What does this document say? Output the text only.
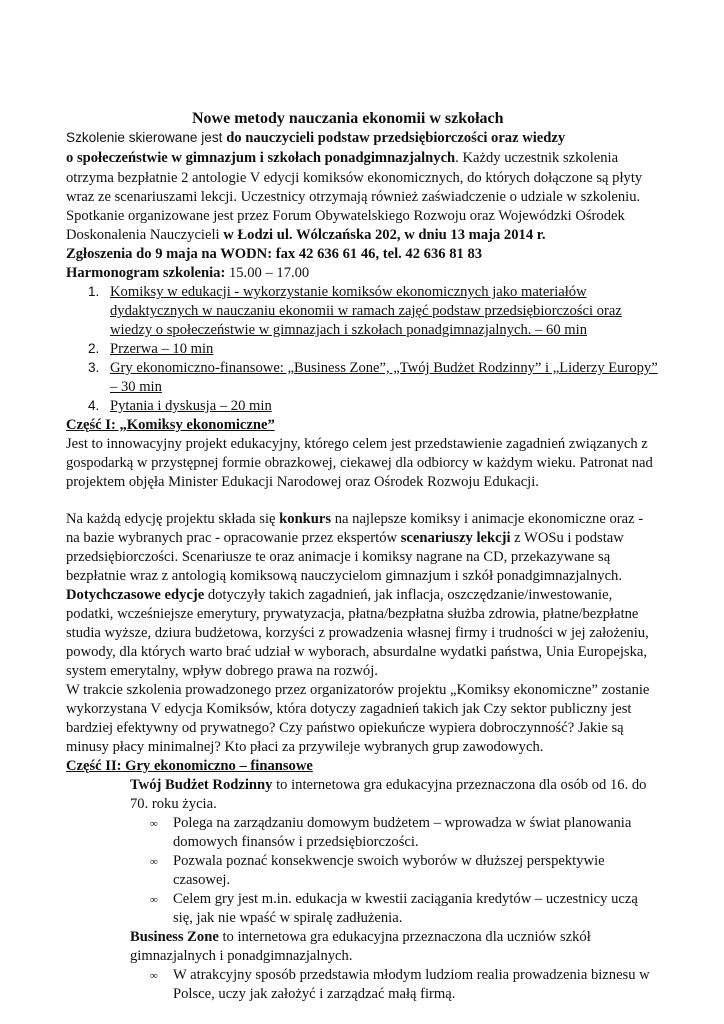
Nowe metody nauczania ekonomii w szkołach
Szkolenie skierowane jest do nauczycieli podstaw przedsiębiorczości oraz wiedzy
o społeczeństwie w gimnazjum i szkołach ponadgimnazjalnych. Każdy uczestnik szkolenia
otrzyma bezpłatnie 2 antologie V edycji komiksów ekonomicznych, do których dołączone są płyty
wraz ze scenariuszami lekcji. Uczestnicy otrzymają również zaświadczenie o udziale w szkoleniu.
Spotkanie organizowane jest przez Forum Obywatelskiego Rozwoju oraz Wojewódzki Ośrodek
Doskonalenia Nauczycieli w Łodzi ul. Wólczańska 202, w dniu 13 maja 2014 r.
Zgłoszenia do 9 maja na WODN: fax 42 636 61 46, tel. 42 636 81 83
Harmonogram szkolenia: 15.00 – 17.00
1. Komiksy w edukacji - wykorzystanie komiksów ekonomicznych jako materiałów
dydaktycznych w nauczaniu ekonomii w ramach zajęć podstaw przedsiębiorczości oraz
wiedzy o społeczeństwie w gimnazjach i szkołach ponadgimnazjalnych. – 60 min
2. Przerwa – 10 min
3. Gry ekonomiczno-finansowe: „Business Zone”, „Twój Budżet Rodzinny” i „Liderzy Europy”
– 30 min
4. Pytania i dyskusja – 20 min
Część I: „Komiksy ekonomiczne”
Jest to innowacyjny projekt edukacyjny, którego celem jest przedstawienie zagadnień związanych z
gospodarką w przystępnej formie obrazkowej, ciekawej dla odbiorcy w każdym wieku. Patronat nad
projektem objęła Minister Edukacji Narodowej oraz Ośrodek Rozwoju Edukacji.
Na każdą edycję projektu składa się konkurs na najlepsze komiksy i animacje ekonomiczne oraz -
na bazie wybranych prac - opracowanie przez ekspertów scenariuszy lekcji z WOSu i podstaw
przedsiębiorczości. Scenariusze te oraz animacje i komiksy nagrane na CD, przekazywane są
bezpłatnie wraz z antologią komiksową nauczycielom gimnazjum i szkół ponadgimnazjalnych.
Dotychczasowe edycje dotyczyły takich zagadnień, jak inflacja, oszczędzanie/inwestowanie,
podatki, wcześniejsze emerytury, prywatyzacja, płatna/bezpłatna służba zdrowia, płatne/bezpłatne
studia wyższe, dziura budżetowa, korzyści z prowadzenia własnej firmy i trudności w jej założeniu,
powody, dla których warto brać udział w wyborach, absurdalne wydatki państwa, Unia Europejska,
system emerytalny, wpływ dobrego prawa na rozwój.
W trakcie szkolenia prowadzonego przez organizatorów projektu „Komiksy ekonomiczne” zostanie
wykorzystana V edycja Komiksów, która dotyczy zagadnień takich jak Czy sektor publiczny jest
bardziej efektywny od prywatnego? Czy państwo opiekuńcze wypiera dobroczynność? Jakie są
minusy płacy minimalnej? Kto płaci za przywileje wybranych grup zawodowych.
Część II: Gry ekonomiczno – finansowe
Twój Budżet Rodzinny to internetowa gra edukacyjna przeznaczona dla osób od 16. do
70. roku życia.
∞ Polega na zarządzaniu domowym budżetem – wprowadza w świat planowania
domowych finansów i przedsiębiorczości.
∞ Pozwala poznać konsekwencje swoich wyborów w dłuższej perspektywie
czasowej.
∞ Celem gry jest m.in. edukacja w kwestii zaciągania kredytów – uczestnicy uczą
się, jak nie wpaść w spiralę zadłużenia.
Business Zone to internetowa gra edukacyjna przeznaczona dla uczniów szkół
gimnazjalnych i ponadgimnazjalnych.
∞ W atrakcyjny sposób przedstawia młodym ludziom realia prowadzenia biznesu w
Polsce, uczy jak założyć i zarządzać małą firmą.
